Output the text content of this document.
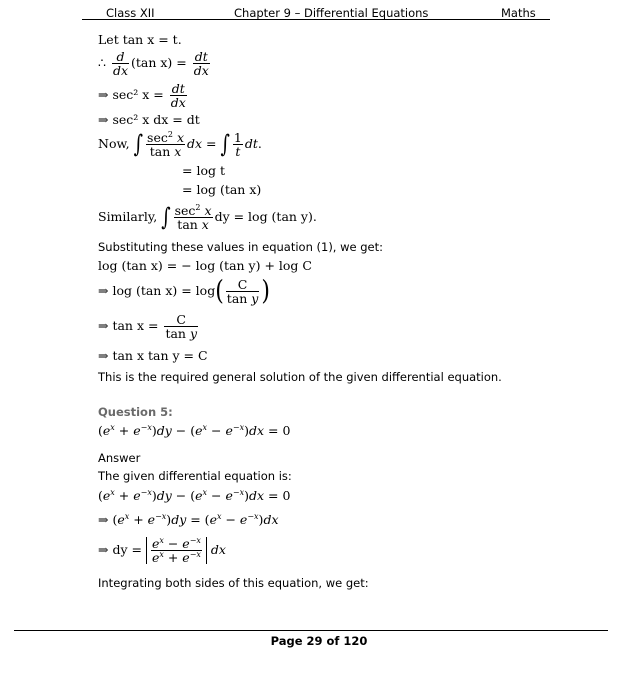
Class XII	Chapter 9 – Differential Equations	Maths
Let tan x = t.
∴ $\frac{d}{dx} (\tan$ $x) = \frac{dt}{dx}$
⇒ sec² $x = \frac{dt}{dx}$
⇒ sec² x dx = dt
Now, ∫ $\frac{\sec^2 x}{\text{tan x}}$ dx = ∫ $\frac{1}{t}$ dt.
= log t
= log (tan x)
Similarly, ∫ $\frac{\sec^2 x}{\text{tan x}}$ dy = log (tan y).
Substituting these values in equation (1), we get:
log (tan x) = − log (tan y) + log C
⇒ log (tan $x) = \log( \frac{C}{\text{tan y}}$ )
⇒ $\tan x = \frac{C}{\text{tan y}}$
⇒ tan x tan y = C
This is the required general solution of the given differential equation.
Question 5:
$(e^x + e^{-x})dy - (e^x - e^{-x})dx = 0$
Answer
The given differential equation is:
$(e^x + e^{-x})dy - (e^x - e^{-x})dx = 0$
⇒ $(e^x + e^{-x})dy = (e^x - e^{-x})dx$
⇒ dy = $\frac{e^x - e^{-x}}{e^x + e^{-x}}$ dx
Integrating both sides of this equation, we get:
Page 29 of 120
